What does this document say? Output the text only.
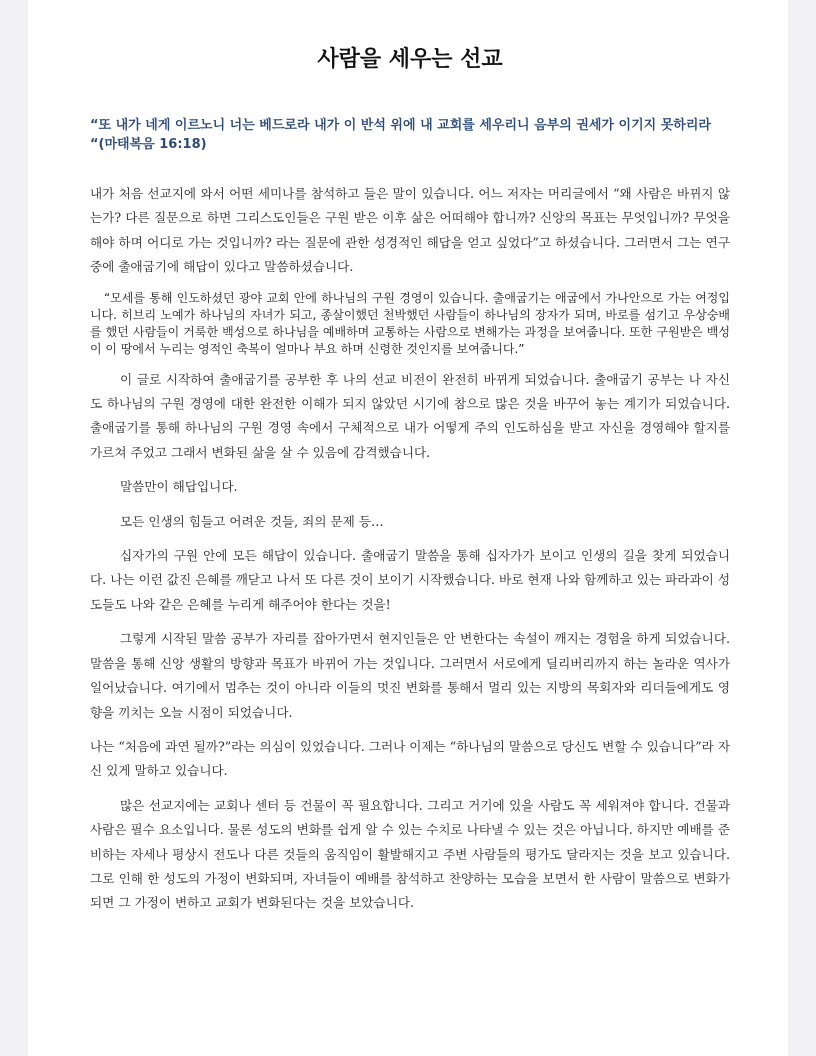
사람을 세우는 선교

“또 내가 네게 이르노니 너는 베드로라 내가 이 반석 위에 내 교회를 세우리니 음부의 권세가 이기지 못하리라 “(마태복음 16:18)

내가 처음 선교지에 와서 어떤 세미나를 참석하고 들은 말이 있습니다. 어느 저자는 머리글에서 “왜 사람은 바뀌지 않는가? 다른 질문으로 하면 그리스도인들은 구원 받은 이후 삶은 어떠해야 합니까? 신앙의 목표는 무엇입니까? 무엇을 해야 하며 어디로 가는 것입니까? 라는 질문에 관한 성경적인 해답을 얻고 싶었다”고 하셨습니다. 그러면서 그는 연구 중에 출애굽기에 해답이 있다고 말씀하셨습니다.

“모세를 통해 인도하셨던 광야 교회 안에 하나님의 구원 경영이 있습니다. 출애굽기는 애굽에서 가나안으로 가는 여정입니다. 히브리 노예가 하나님의 자녀가 되고, 종살이했던 천박했던 사람들이 하나님의 장자가 되며, 바로를 섬기고 우상숭배를 했던 사람들이 거룩한 백성으로 하나님을 예배하며 교통하는 사람으로 변해가는 과정을 보여줍니다. 또한 구원받은 백성이 이 땅에서 누리는 영적인 축복이 얼마나 부요 하며 신령한 것인지를 보여줍니다.”

이 글로 시작하여 출애굽기를 공부한 후 나의 선교 비전이 완전히 바뀌게 되었습니다. 출애굽기 공부는 나 자신도 하나님의 구원 경영에 대한 완전한 이해가 되지 않았던 시기에 참으로 많은 것을 바꾸어 놓는 계기가 되었습니다. 출애굽기를 통해 하나님의 구원 경영 속에서 구체적으로 내가 어떻게 주의 인도하심을 받고 자신을 경영해야 할지를 가르쳐 주었고 그래서 변화된 삶을 살 수 있음에 감격했습니다.

말씀만이 해답입니다.

모든 인생의 힘들고 어려운 것들, 죄의 문제 등…

십자가의 구원 안에 모든 해답이 있습니다. 출애굽기 말씀을 통해 십자가가 보이고 인생의 길을 찾게 되었습니다. 나는 이런 값진 은혜를 깨닫고 나서 또 다른 것이 보이기 시작했습니다. 바로 현재 나와 함께하고 있는 파라과이 성도들도 나와 같은 은혜를 누리게 해주어야 한다는 것을!

그렇게 시작된 말씀 공부가 자리를 잡아가면서 현지인들은 안 변한다는 속설이 깨지는 경험을 하게 되었습니다. 말씀을 통해 신앙 생활의 방향과 목표가 바뀌어 가는 것입니다. 그러면서 서로에게 딜리버리까지 하는 놀라운 역사가 일어났습니다. 여기에서 멈추는 것이 아니라 이들의 멋진 변화를 통해서 멀리 있는 지방의 목회자와 리더들에게도 영향을 끼치는 오늘 시점이 되었습니다.

나는 “처음에 과연 될까?”라는 의심이 있었습니다. 그러나 이제는 “하나님의 말씀으로 당신도 변할 수 있습니다”라 자신 있게 말하고 있습니다.

많은 선교지에는 교회나 센터 등 건물이 꼭 필요합니다. 그리고 거기에 있을 사람도 꼭 세워져야 합니다. 건물과 사람은 필수 요소입니다. 물론 성도의 변화를 쉽게 알 수 있는 수치로 나타낼 수 있는 것은 아닙니다. 하지만 예배를 준비하는 자세나 평상시 전도나 다른 것들의 움직임이 활발해지고 주변 사람들의 평가도 달라지는 것을 보고 있습니다. 그로 인해 한 성도의 가정이 변화되며, 자녀들이 예배를 참석하고 찬양하는 모습을 보면서 한 사람이 말씀으로 변화가 되면 그 가정이 변하고 교회가 변화된다는 것을 보았습니다.
